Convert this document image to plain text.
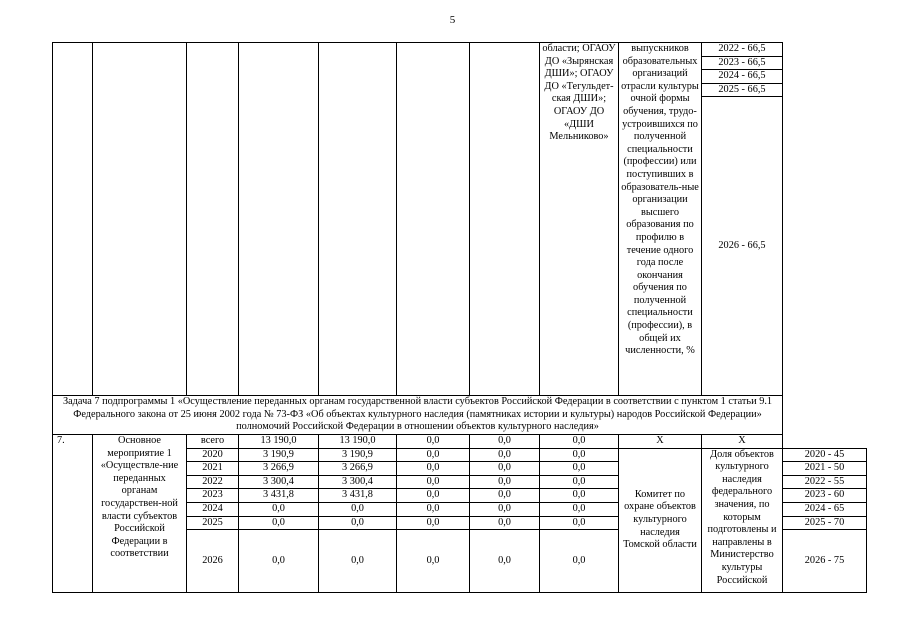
5
							области; ОГАОУ ДО «Зырянская ДШИ»; ОГАОУ ДО «Тегульдет-ская ДШИ»; ОГАОУ ДО «ДШИ Мельниково»	выпускников образовательных организаций отрасли культуры очной формы обучения, трудо-устроившихся по полученной специальности (профессии) или поступивших в образователь-ные организации высшего образования по профилю в течение одного года после окончания обучения по полученной специальности (профессии), в общей их численности, %	2022 - 66,5	
									2023 - 66,5	
									2024 - 66,5	
									2025 - 66,5	
									2026 - 66,5	
Задача 7 подпрограммы 1 «Осуществление переданных органам государственной власти субъектов Российской Федерации в соответствии с пунктом 1 статьи 9.1 Федерального закона от 25 июня 2002 года № 73-ФЗ «Об объектах культурного наследия (памятниках истории и культуры) народов Российской Федерации» полномочий Российской Федерации в отношении объектов культурного наследия»										
7.	Основное мероприятие 1 «Осуществле-ние переданных органам государствен-ной власти субъектов Российской Федерации в соответствии	всего	13 190,0	13 190,0	0,0	0,0	0,0	Х	Х	
		2020	3 190,9	3 190,9	0,0	0,0	0,0	Комитет по охране объектов культурного наследия Томской области	Доля объектов культурного наследия федерального значения, по которым подготовлены и направлены в Министерство культуры Российской	2020 - 45
		2021	3 266,9	3 266,9	0,0	0,0	0,0			2021 - 50
		2022	3 300,4	3 300,4	0,0	0,0	0,0			2022 - 55
		2023	3 431,8	3 431,8	0,0	0,0	0,0			2023 - 60
		2024	0,0	0,0	0,0	0,0	0,0			2024 - 65
		2025	0,0	0,0	0,0	0,0	0,0			2025 - 70
		2026	0,0	0,0	0,0	0,0	0,0			2026 - 75
